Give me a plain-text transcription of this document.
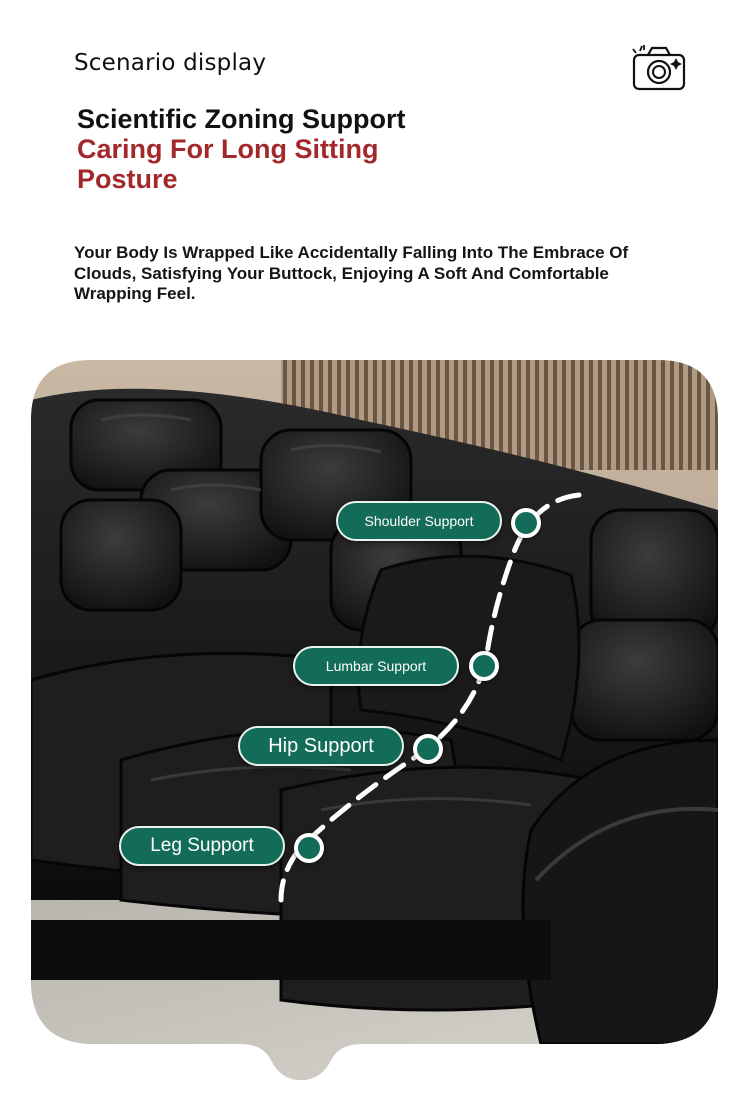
Scenario display
Scientific Zoning Support
Caring For Long Sitting Posture
Your Body Is Wrapped Like Accidentally Falling Into The Embrace Of Clouds, Satisfying Your Buttock, Enjoying A Soft And Comfortable Wrapping Feel.
Shoulder Support
Lumbar Support
Hip Support
Leg Support
